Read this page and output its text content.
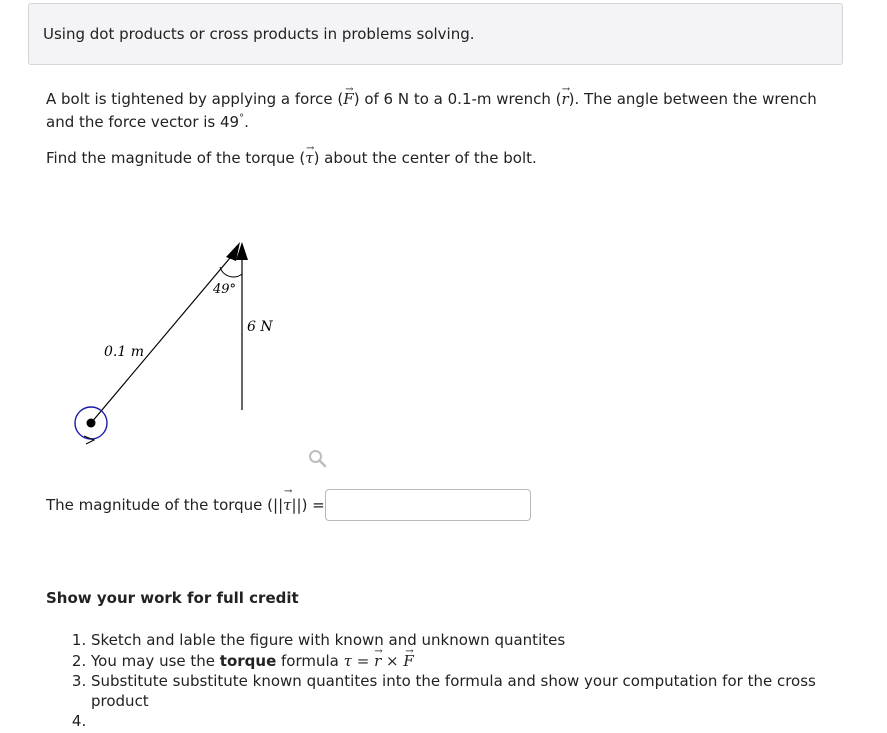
Using dot products or cross products in problems solving.
A bolt is tightened by applying a force (→ F) of 6 N to a 0.1-m wrench (→ r). The angle between the wrench
and the force vector is 49°.
Find the magnitude of the torque (→ τ) about the center of the bolt.
49°
6 N
0.1 m
The magnitude of the torque (||→ τ||) =
Show your work for full credit
1. Sketch and lable the figure with known and unknown quantites
2. You may use the torque formula τ = → r × → F
3. Substitute substitute known quantites into the formula and show your computation for the cross product
4.
